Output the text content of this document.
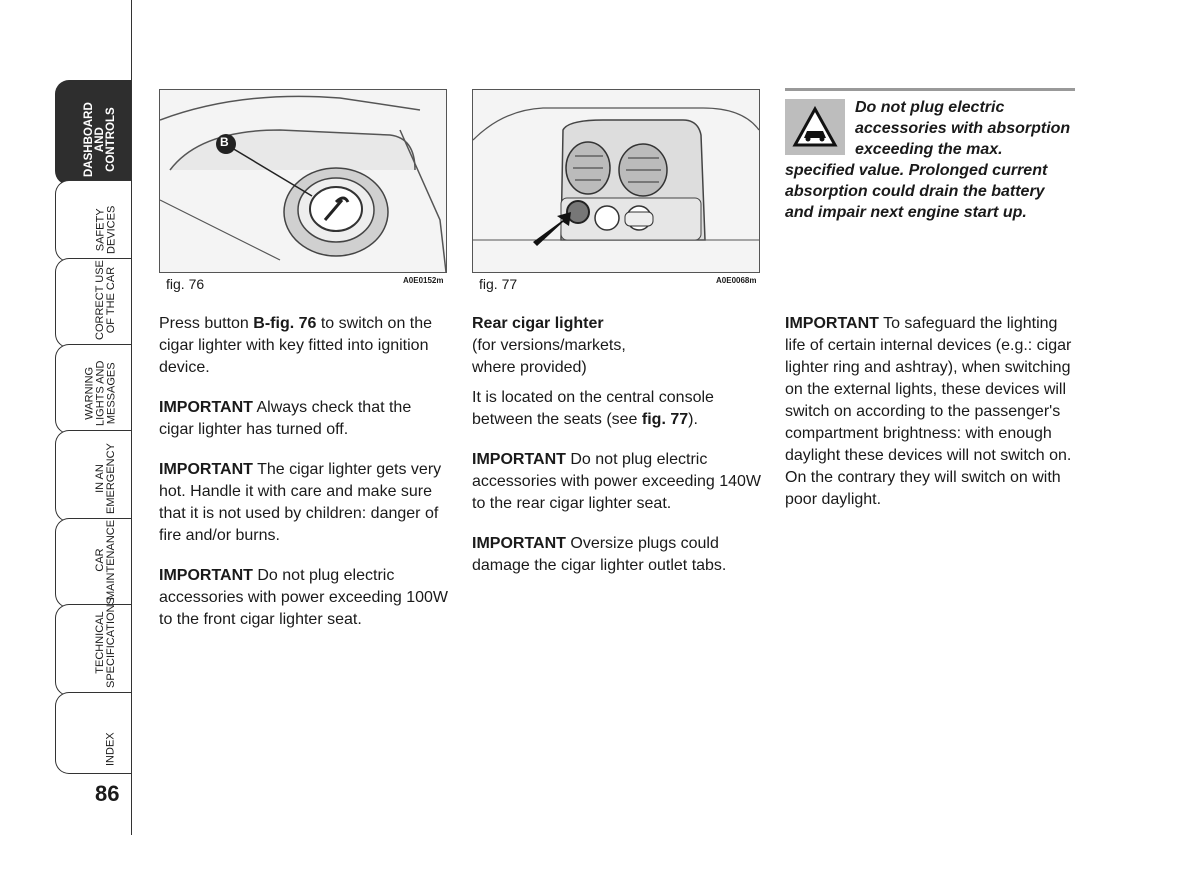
DASHBOARD
AND
CONTROLS
SAFETY
DEVICES
CORRECT USE
OF THE CAR
WARNING
LIGHTS AND
MESSAGES
IN AN
EMERGENCY
CAR
MAINTENANCE
TECHNICAL
SPECIFICATIONS
INDEX
86
B
fig. 76	A0E0152m	fig. 77	A0E0068m

Press button B-fig. 76 to switch on the cigar lighter with key fitted into ignition device.

IMPORTANT Always check that the cigar lighter has turned off.

IMPORTANT The cigar lighter gets very hot. Handle it with care and make sure that it is not used by children: danger of fire and/or burns.

IMPORTANT Do not plug electric accessories with power exceeding 100W to the front cigar lighter seat.

Rear cigar lighter
(for versions/markets,
where provided)

It is located on the central console between the seats (see fig. 77).

IMPORTANT Do not plug electric accessories with power exceeding 140W to the rear cigar lighter seat.

IMPORTANT Oversize plugs could damage the cigar lighter outlet tabs.

Do not plug electric accessories with absorption exceeding the max. specified value. Prolonged current absorption could drain the battery and impair next engine start up.

IMPORTANT To safeguard the lighting life of certain internal devices (e.g.: cigar lighter ring and ashtray), when switching on the external lights, these devices will switch on according to the passenger's compartment brightness: with enough daylight these devices will not switch on. On the contrary they will switch on with poor daylight.
